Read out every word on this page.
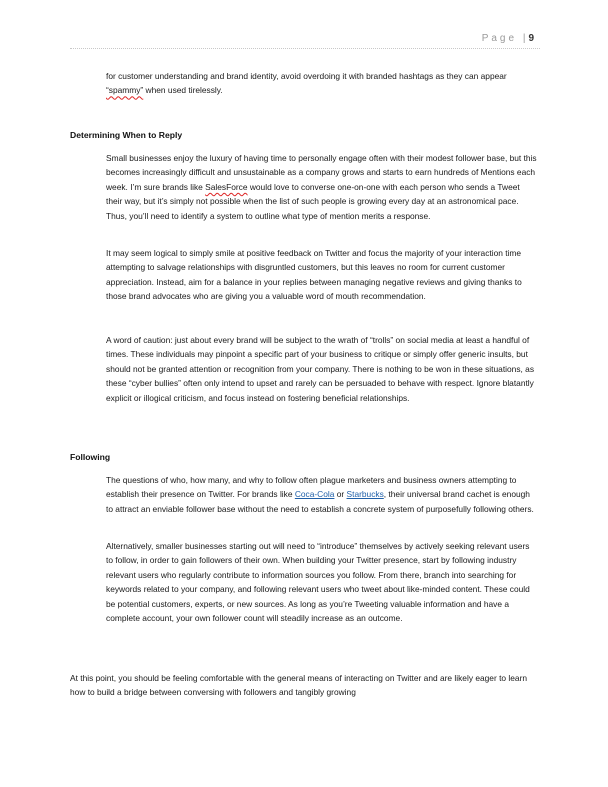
Page | 9

for customer understanding and brand identity, avoid overdoing it with branded hashtags as they can appear “spammy” when used tirelessly.

Determining When to Reply

Small businesses enjoy the luxury of having time to personally engage often with their modest follower base, but this becomes increasingly difficult and unsustainable as a company grows and starts to earn hundreds of Mentions each week. I’m sure brands like SalesForce would love to converse one-on-one with each person who sends a Tweet their way, but it’s simply not possible when the list of such people is growing every day at an astronomical pace. Thus, you’ll need to identify a system to outline what type of mention merits a response.

It may seem logical to simply smile at positive feedback on Twitter and focus the majority of your interaction time attempting to salvage relationships with disgruntled customers, but this leaves no room for current customer appreciation. Instead, aim for a balance in your replies between managing negative reviews and giving thanks to those brand advocates who are giving you a valuable word of mouth recommendation.

A word of caution: just about every brand will be subject to the wrath of “trolls” on social media at least a handful of times. These individuals may pinpoint a specific part of your business to critique or simply offer generic insults, but should not be granted attention or recognition from your company. There is nothing to be won in these situations, as these “cyber bullies” often only intend to upset and rarely can be persuaded to behave with respect. Ignore blatantly explicit or illogical criticism, and focus instead on fostering beneficial relationships.

Following

The questions of who, how many, and why to follow often plague marketers and business owners attempting to establish their presence on Twitter. For brands like Coca-Cola or Starbucks, their universal brand cachet is enough to attract an enviable follower base without the need to establish a concrete system of purposefully following others.

Alternatively, smaller businesses starting out will need to “introduce” themselves by actively seeking relevant users to follow, in order to gain followers of their own. When building your Twitter presence, start by following industry relevant users who regularly contribute to information sources you follow. From there, branch into searching for keywords related to your company, and following relevant users who tweet about like-minded content. These could be potential customers, experts, or new sources. As long as you’re Tweeting valuable information and have a complete account, your own follower count will steadily increase as an outcome.

At this point, you should be feeling comfortable with the general means of interacting on Twitter and are likely eager to learn how to build a bridge between conversing with followers and tangibly growing
